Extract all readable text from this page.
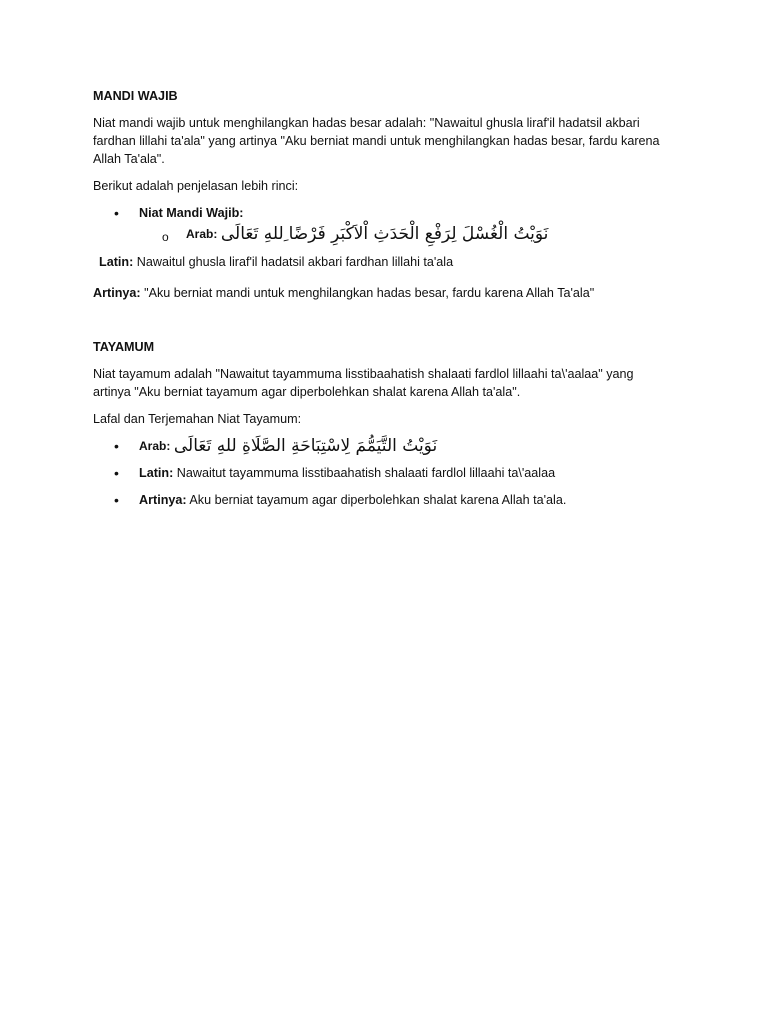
MANDI WAJIB

Niat mandi wajib untuk menghilangkan hadas besar adalah: "Nawaitul ghusla liraf'il hadatsil akbari fardhan lillahi ta'ala" yang artinya "Aku berniat mandi untuk menghilangkan hadas besar, fardu karena Allah Ta'ala".

Berikut adalah penjelasan lebih rinci:

• Niat Mandi Wajib:
o Arab: نَوَيْتُ الْغُسْلَ لِرَفْعِ الْحَدَثِ اْلاَكْبَرِ فَرْضًا ِللهِ تَعَالَى

Latin: Nawaitul ghusla liraf'il hadatsil akbari fardhan lillahi ta'ala

Artinya: "Aku berniat mandi untuk menghilangkan hadas besar, fardu karena Allah Ta'ala"

TAYAMUM

Niat tayamum adalah "Nawaitut tayammuma lisstibaahatish shalaati fardlol lillaahi ta\'aalaa" yang artinya "Aku berniat tayamum agar diperbolehkan shalat karena Allah ta'ala".

Lafal dan Terjemahan Niat Tayamum:

• Arab: نَوَيْتُ التَّيَمُّمَ لِاسْتِبَاحَةِ الصَّلَاةِ للهِ تَعَالَى
• Latin: Nawaitut tayammuma lisstibaahatish shalaati fardlol lillaahi ta\'aalaa
• Artinya: Aku berniat tayamum agar diperbolehkan shalat karena Allah ta'ala.
